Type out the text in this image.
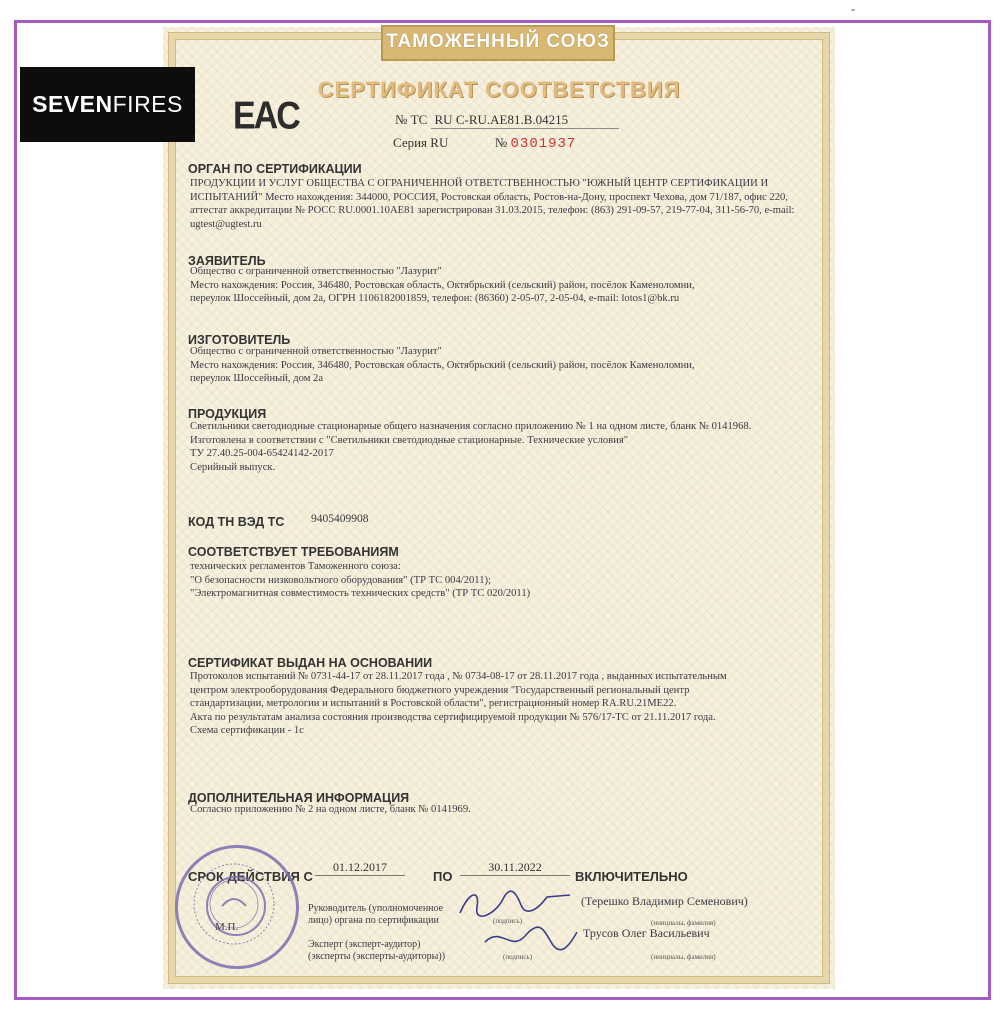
-
ТАМОЖЕННЫЙ СОЮЗ
СЕРТИФИКАТ СООТВЕТСТВИЯ
EAC	№ ТС RU C-RU.AE81.B.04215
Серия RU	№ 0301937
ОРГАН ПО СЕРТИФИКАЦИИ
ПРОДУКЦИИ И УСЛУГ ОБЩЕСТВА С ОГРАНИЧЕННОЙ ОТВЕТСТВЕННОСТЬЮ "ЮЖНЫЙ ЦЕНТР СЕРТИФИКАЦИИ И ИСПЫТАНИЙ" Место нахождения: 344000, РОССИЯ, Ростовская область, Ростов-на-Дону, проспект Чехова, дом 71/187, офис 220, аттестат аккредитации № РОСС RU.0001.10АЕ81 зарегистрирован 31.03.2015, телефон: (863) 291-09-57, 219-77-04, 311-56-70, e-mail: ugtest@ugtest.ru
ЗАЯВИТЕЛЬ
Общество с ограниченной ответственностью "Лазурит"
Место нахождения: Россия, 346480, Ростовская область, Октябрьский (сельский) район, посёлок Каменоломни,
переулок Шоссейный, дом 2а, ОГРН 1106182001859, телефон: (86360) 2-05-07, 2-05-04, e-mail: lotos1@bk.ru
ИЗГОТОВИТЕЛЬ
Общество с ограниченной ответственностью "Лазурит"
Место нахождения: Россия, 346480, Ростовская область, Октябрьский (сельский) район, посёлок Каменоломни,
переулок Шоссейный, дом 2а
ПРОДУКЦИЯ
Светильники светодиодные стационарные общего назначения согласно приложению № 1 на одном листе, бланк № 0141968.
Изготовлена в соответствии с "Светильники светодиодные стационарные. Технические условия"
ТУ 27.40.25-004-65424142-2017
Серийный выпуск.
КОД ТН ВЭД ТС 9405409908
СООТВЕТСТВУЕТ ТРЕБОВАНИЯМ
технических регламентов Таможенного союза:
"О безопасности низковольтного оборудования" (ТР ТС 004/2011);
"Электромагнитная совместимость технических средств" (ТР ТС 020/2011)
СЕРТИФИКАТ ВЫДАН НА ОСНОВАНИИ
Протоколов испытаний № 0731-44-17 от 28.11.2017 года , № 0734-08-17 от 28.11.2017 года , выданных испытательным
центром электрооборудования Федерального бюджетного учреждения "Государственный региональный центр
стандартизации, метрологии и испытаний в Ростовской области", регистрационный номер RA.RU.21МЕ22.
Акта по результатам анализа состояния производства сертифицируемой продукции № 576/17-ТС от 21.11.2017 года.
Схема сертификации - 1с
ДОПОЛНИТЕЛЬНАЯ ИНФОРМАЦИЯ
Согласно приложению № 2 на одном листе, бланк № 0141969.
СРОК ДЕЙСТВИЯ С
01.12.2017
ПО
30.11.2022
ВКЛЮЧИТЕЛЬНО
М.П.
Руководитель (уполномоченное
лицо) органа по сертификации	(подпись)
(Терешко Владимир Семенович)
(инициалы, фамилия)
Эксперт (эксперт-аудитор)
(эксперты (эксперты-аудиторы))	(подпись)
Трусов Олег Васильевич
(инициалы, фамилия)
SEVEN FIRES
